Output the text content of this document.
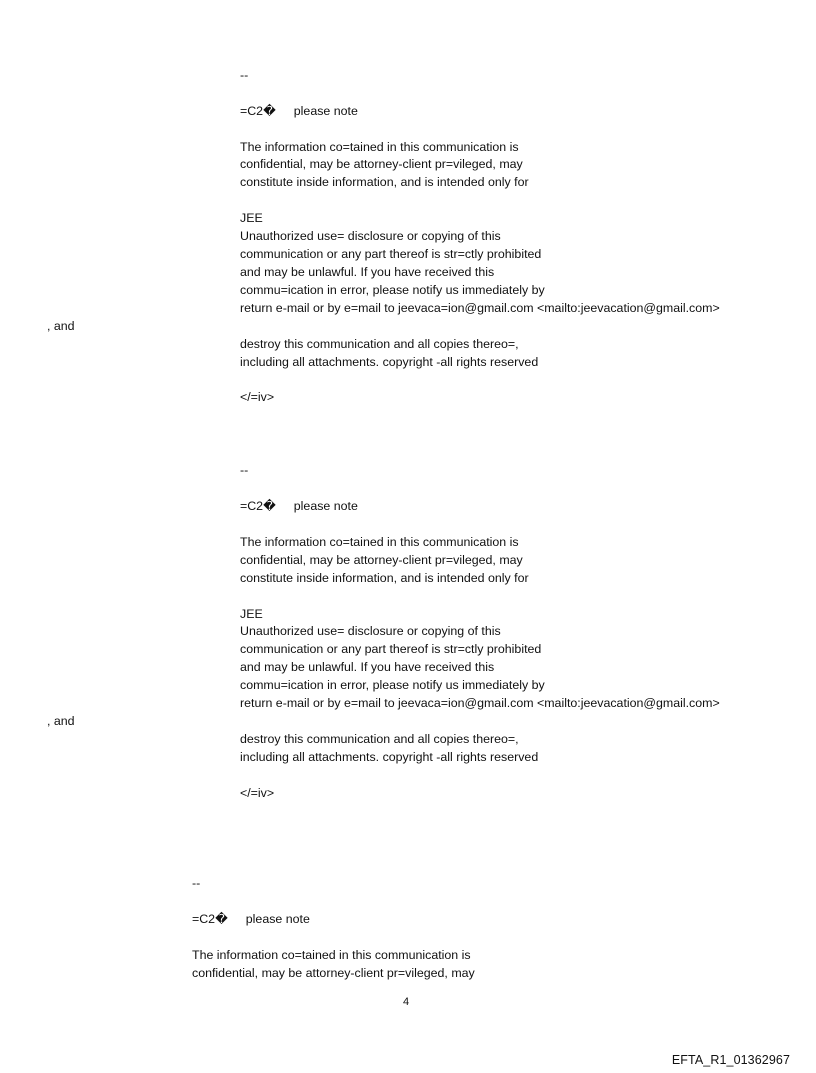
--
=C2� please note
The information co=tained in this communication is
confidential, may be attorney-client pr=vileged, may
constitute inside information, and is intended only for
JEE
Unauthorized use= disclosure or copying of this
communication or any part thereof is str=ctly prohibited
and may be unlawful. If you have received this
commu=ication in error, please notify us immediately by
return e-mail or by e=mail to jeevaca=ion@gmail.com <mailto:jeevacation@gmail.com>
, and
destroy this communication and all copies thereo=,
including all attachments. copyright -all rights reserved
</=iv>
--
=C2� please note
The information co=tained in this communication is
confidential, may be attorney-client pr=vileged, may
constitute inside information, and is intended only for
JEE
Unauthorized use= disclosure or copying of this
communication or any part thereof is str=ctly prohibited
and may be unlawful. If you have received this
commu=ication in error, please notify us immediately by
return e-mail or by e=mail to jeevaca=ion@gmail.com <mailto:jeevacation@gmail.com>
, and
destroy this communication and all copies thereo=,
including all attachments. copyright -all rights reserved
</=iv>
--
=C2� please note
The information co=tained in this communication is
confidential, may be attorney-client pr=vileged, may
4
EFTA_R1_01362967
